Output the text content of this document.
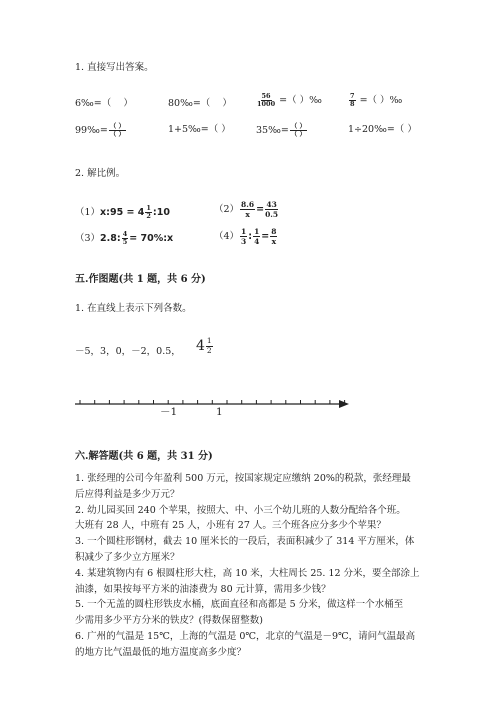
1. 直接写出答案。
6‰=（ ）	80‰=（ ）	$\frac{56}{1000}$ =（ ）‰	$\frac{7}{8}$ =（ ）‰
99‰= $\frac{( )}{( )}$	1+5‰=（ ）	35‰= $\frac{( )}{( )}$	1÷20‰=（ ）
2. 解比例。
（1）x:95 = $4 \frac{1}{2}$ :10	$(2) \frac{8.6}{x} = \frac{43}{0.5}$
（3）2.8: $\frac{4}{5}$ = 70%:x	$(4) \frac{1}{3}$ : $\frac{1}{4} = \frac{8}{x}$
五.作图题(共 1 题，共 6 分)
1. 在直线上表示下列各数。
－5，3，0，－2，0.5， $4 \frac{1}{2}$
－1	1
六.解答题(共 6 题，共 31 分)
1. 张经理的公司今年盈利 500 万元，按国家规定应缴纳 20%的税款，张经理最
后应得利益是多少万元？
2. 幼儿园买回 240 个苹果，按照大、中、小三个幼儿班的人数分配给各个班。
大班有 28 人，中班有 25 人，小班有 27 人。三个班各应分多少个苹果？
3. 一个圆柱形钢材，截去 10 厘米长的一段后，表面积减少了 314 平方厘米，体
积减少了多少立方厘米？
4. 某建筑物内有 6 根圆柱形大柱，高 10 米，大柱周长 25. 12 分米，要全部涂上
油漆，如果按每平方米的油漆费为 80 元计算，需用多少钱？
5. 一个无盖的圆柱形铁皮水桶，底面直径和高都是 5 分米，做这样一个水桶至
少需用多少平方分米的铁皮？(得数保留整数)
6. 广州的气温是 15℃，上海的气温是 0℃，北京的气温是－9℃，请问气温最高
的地方比气温最低的地方温度高多少度？
